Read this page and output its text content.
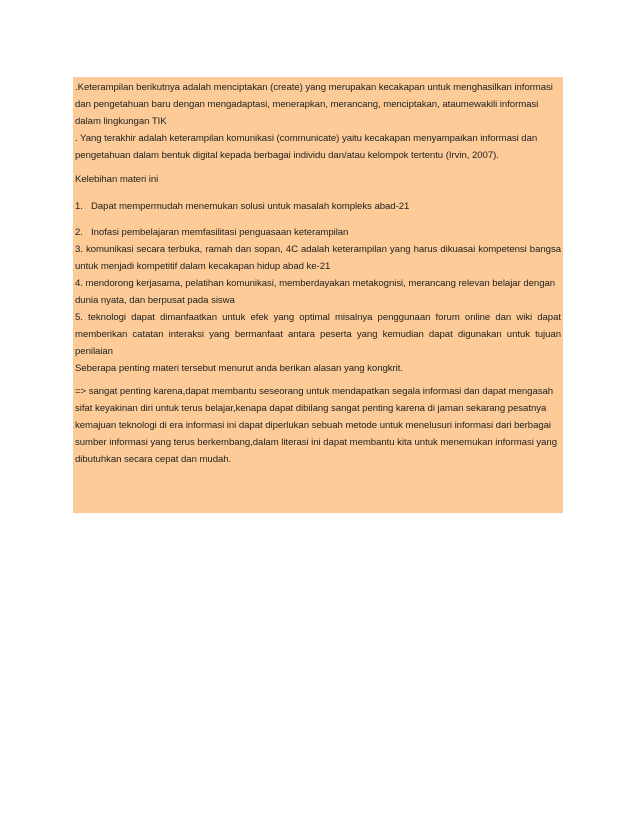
.Keterampilan berikutnya adalah menciptakan (create) yang merupakan kecakapan untuk menghasilkan informasi dan pengetahuan baru dengan mengadaptasi, menerapkan, merancang, menciptakan, ataumewakili informasi dalam lingkungan TIK

. Yang terakhir adalah keterampilan komunikasi (communicate) yaitu kecakapan menyampaikan informasi dan pengetahuan dalam bentuk digital kepada berbagai individu dan/atau kelompok tertentu (Irvin, 2007).

Kelebihan materi ini

1. Dapat mempermudah menemukan solusi untuk masalah kompleks abad-21
2. Inofasi pembelajaran memfasilitasi penguasaan keterampilan

3. komunikasi secara terbuka, ramah dan sopan, 4C adalah keterampilan yang harus dikuasai kompetensi bangsa untuk menjadi kompetitif dalam kecakapan hidup abad ke-21

4. mendorong kerjasama, pelatihan komunikasi, memberdayakan metakognisi, merancang relevan belajar dengan dunia nyata, dan berpusat pada siswa

5. teknologi dapat dimanfaatkan untuk efek yang optimal misalnya penggunaan forum online dan wiki dapat memberikan catatan interaksi yang bermanfaat antara peserta yang kemudian dapat digunakan untuk tujuan penilaian

Seberapa penting materi tersebut menurut anda berikan alasan yang kongkrit.

=> sangat penting karena,dapat membantu seseorang untuk mendapatkan segala informasi dan dapat mengasah sifat keyakinan diri untuk terus belajar,kenapa dapat dibilang sangat penting karena di jaman sekarang pesatnya kemajuan teknologi di era informasi ini dapat diperlukan sebuah metode untuk menelusuri informasi dari berbagai sumber informasi yang terus berkembang,dalam literasi ini dapat membantu kita untuk menemukan informasi yang dibutuhkan secara cepat dan mudah.
